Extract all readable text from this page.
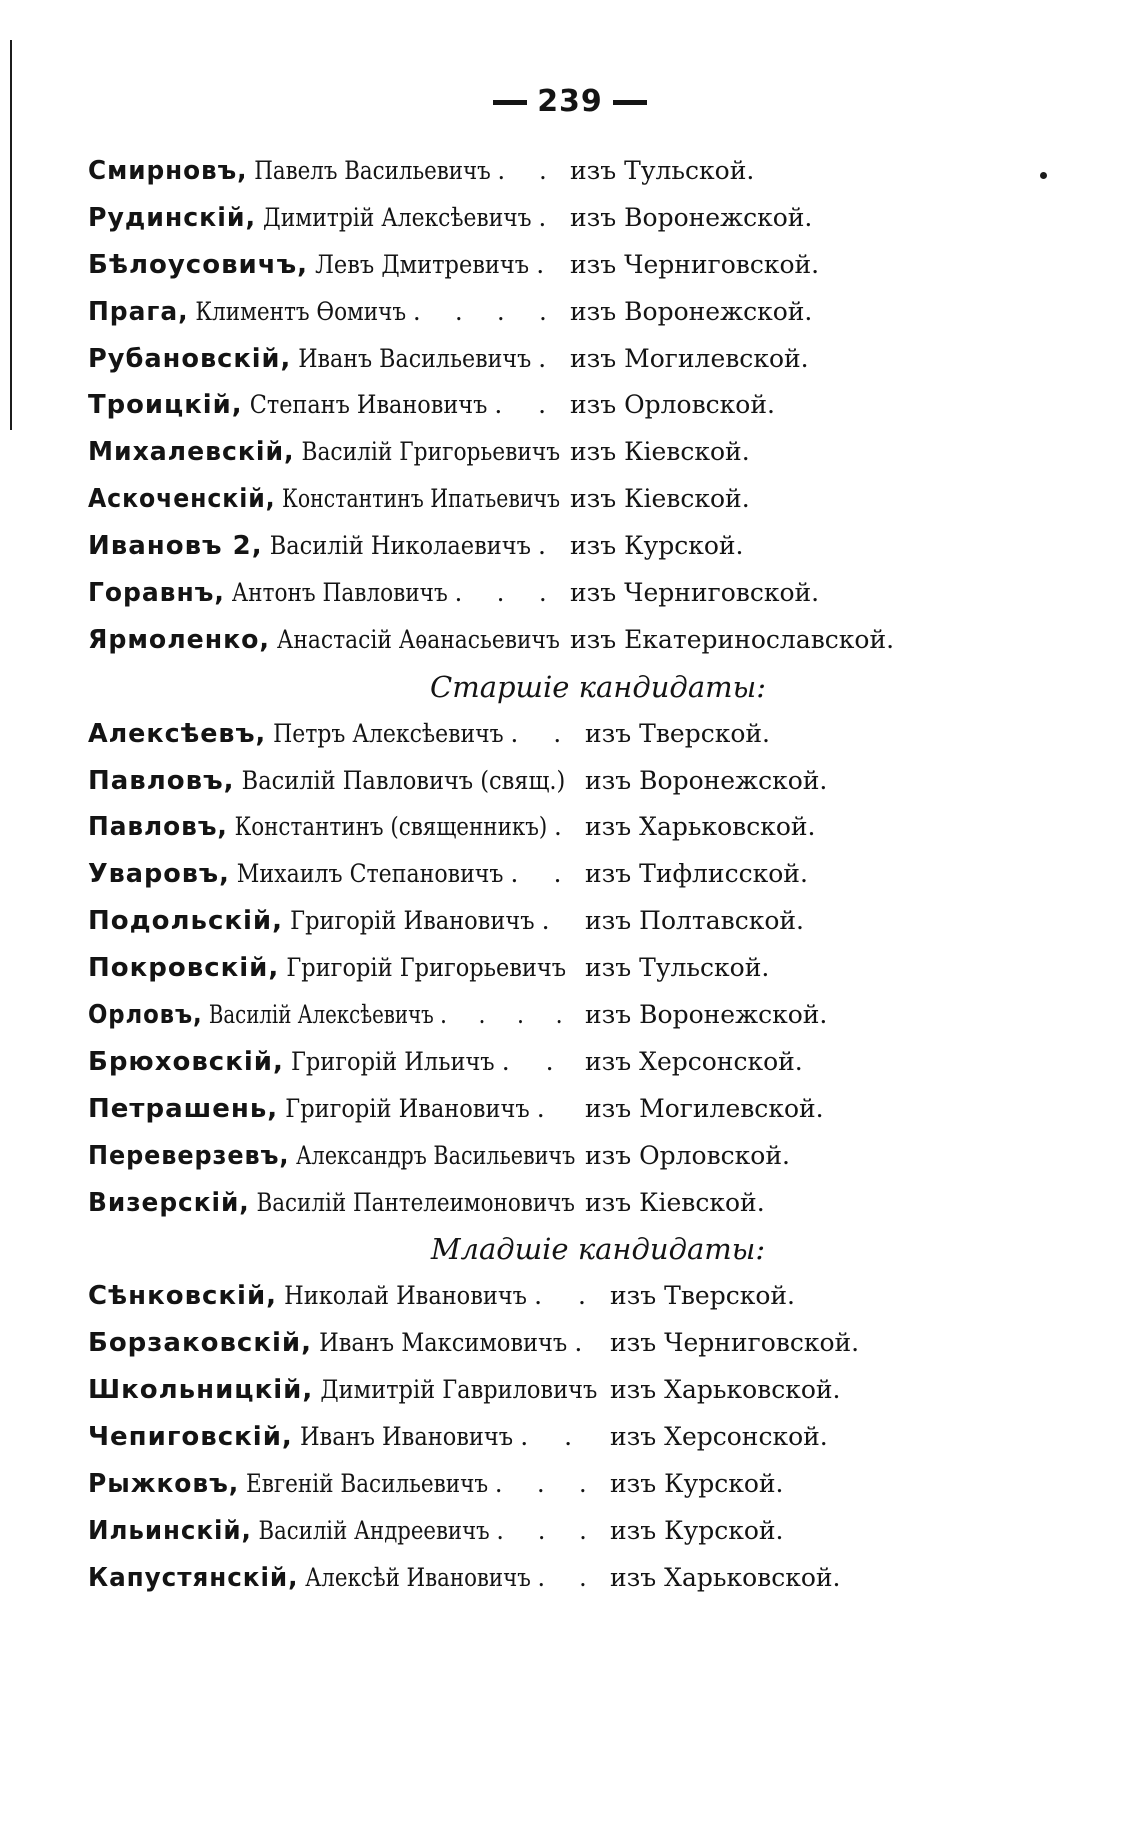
239
Смирновъ, Павелъ Васильевичъ . . изъ Тульской.
Рудинскій, Димитрій Алексѣевичъ . изъ Воронежской.
Бѣлоусовичъ, Левъ Дмитревичъ . изъ Черниговской.
Прага, Климентъ Ѳомичъ . . . . изъ Воронежской.
Рубановскій, Иванъ Васильевичъ . изъ Могилевской.
Троицкій, Степанъ Ивановичъ . . изъ Орловской.
Михалевскій, Василій Григорьевичъ изъ Кіевской.
Аскоченскій, Константинъ Ипатьевичъ изъ Кіевской.
Ивановъ 2, Василій Николаевичъ . изъ Курской.
Горавнъ, Антонъ Павловичъ . . . изъ Черниговской.
Ярмоленко, Анастасій Аѳанасьевичъ изъ Екатеринославской.
Старшіе кандидаты:
Алексѣевъ, Петръ Алексѣевичъ . . изъ Тверской.
Павловъ, Василій Павловичъ (свящ.) изъ Воронежской.
Павловъ, Константинъ (священникъ) . изъ Харьковской.
Уваровъ, Михаилъ Степановичъ . . изъ Тифлисской.
Подольскій, Григорій Ивановичъ . изъ Полтавской.
Покровскій, Григорій Григорьевичъ изъ Тульской.
Орловъ, Василій Алексѣевичъ . . . . изъ Воронежской.
Брюховскій, Григорій Ильичъ . . изъ Херсонской.
Петрашень, Григорій Ивановичъ . изъ Могилевской.
Переверзевъ, Александръ Васильевичъ изъ Орловской.
Визерскій, Василій Пантелеимоновичъ изъ Кіевской.
Младшіе кандидаты:
Сѣнковскій, Николай Ивановичъ . . изъ Тверской.
Борзаковскій, Иванъ Максимовичъ . изъ Черниговской.
Школьницкій, Димитрій Гавриловичъ изъ Харьковской.
Чепиговскій, Иванъ Ивановичъ . . изъ Херсонской.
Рыжковъ, Евгеній Васильевичъ . . . изъ Курской.
Ильинскій, Василій Андреевичъ . . . изъ Курской.
Капустянскій, Алексѣй Ивановичъ . . изъ Харьковской.
